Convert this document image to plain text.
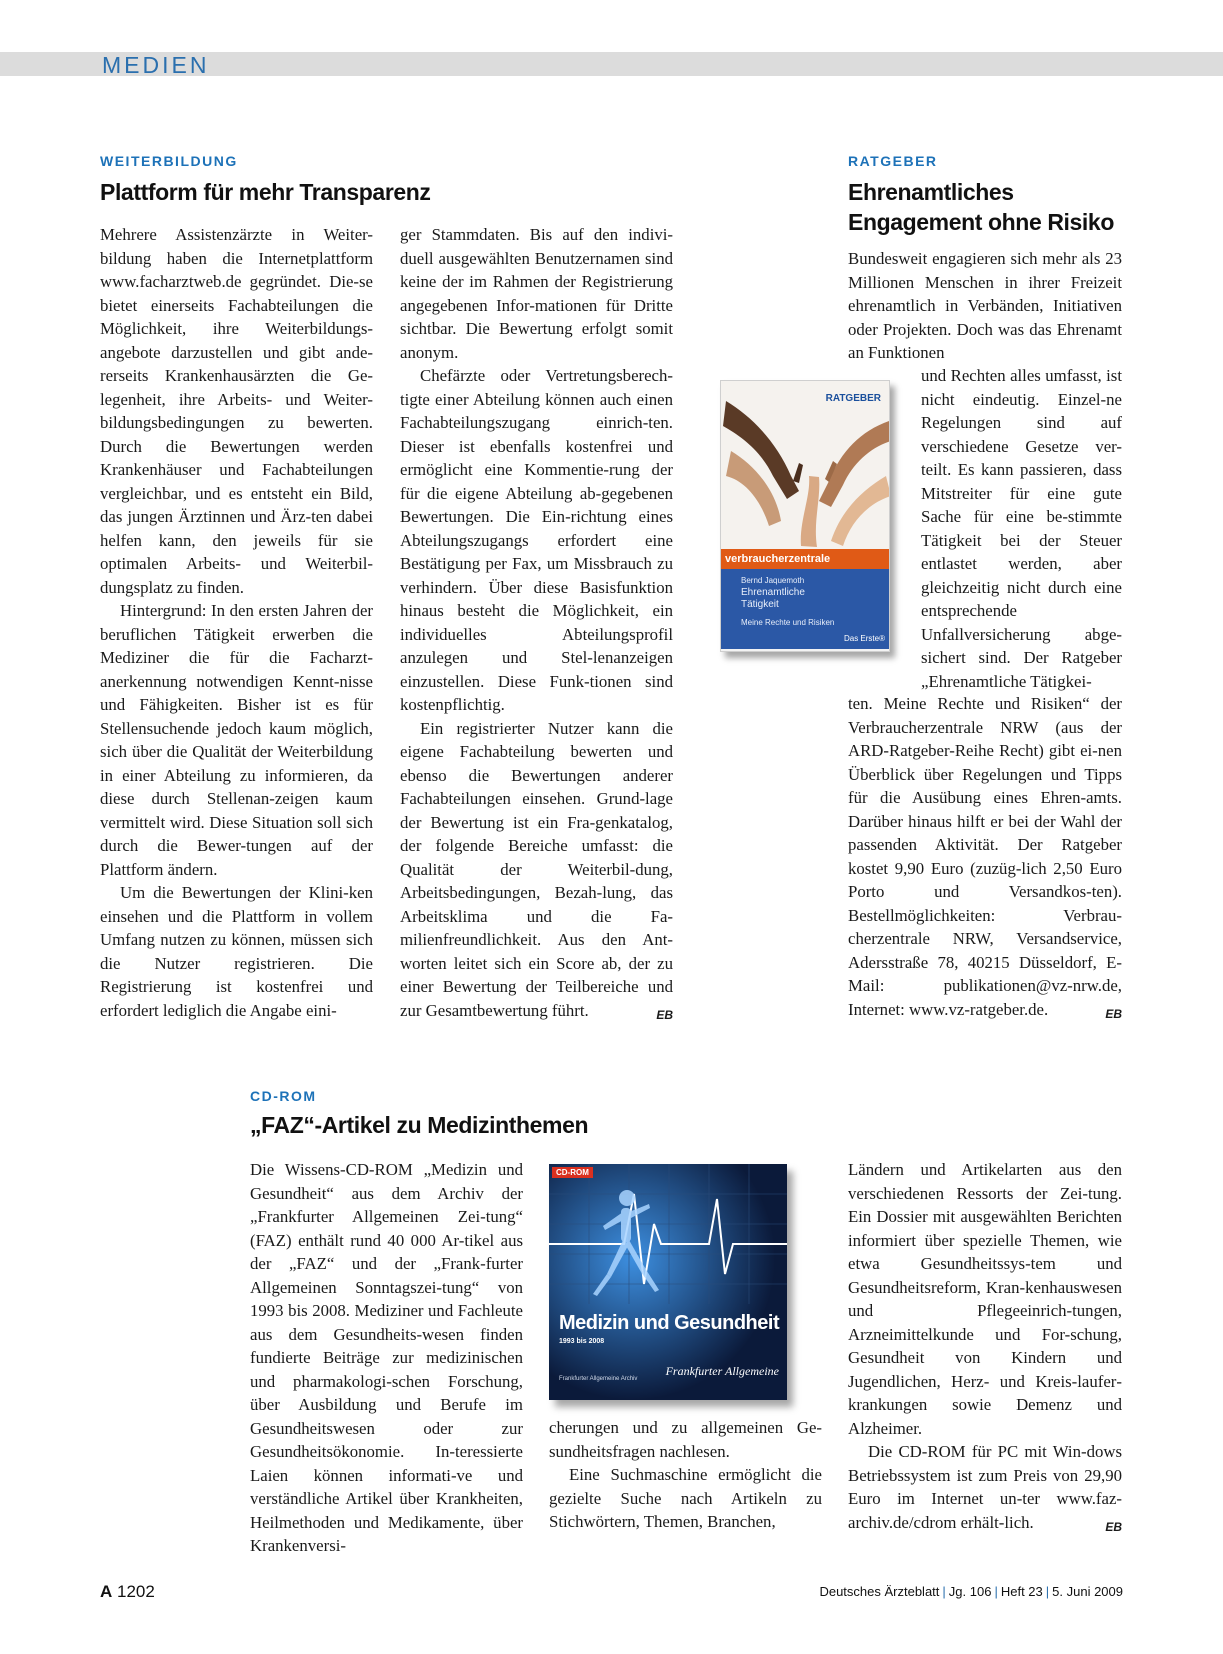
MEDIEN
WEITERBILDUNG
Plattform für mehr Transparenz

Mehrere Assistenzärzte in Weiter-bildung haben die Internetplattform www.facharztweb.de gegründet. Die-se bietet einerseits Fachabteilungen die Möglichkeit, ihre Weiterbildungs-angebote darzustellen und gibt ande-rerseits Krankenhausärzten die Ge-legenheit, ihre Arbeits- und Weiter-bildungsbedingungen zu bewerten. Durch die Bewertungen werden Krankenhäuser und Fachabteilungen vergleichbar, und es entsteht ein Bild, das jungen Ärztinnen und Ärz-ten dabei helfen kann, den jeweils für sie optimalen Arbeits- und Weiterbil-dungsplatz zu finden.

Hintergrund: In den ersten Jahren der beruflichen Tätigkeit erwerben die Mediziner die für die Facharzt-anerkennung notwendigen Kennt-nisse und Fähigkeiten. Bisher ist es für Stellensuchende jedoch kaum möglich, sich über die Qualität der Weiterbildung in einer Abteilung zu informieren, da diese durch Stellenan-zeigen kaum vermittelt wird. Diese Situation soll sich durch die Bewer-tungen auf der Plattform ändern.

Um die Bewertungen der Klini-ken einsehen und die Plattform in vollem Umfang nutzen zu können, müssen sich die Nutzer registrieren. Die Registrierung ist kostenfrei und erfordert lediglich die Angabe eini-

ger Stammdaten. Bis auf den indivi-duell ausgewählten Benutzernamen sind keine der im Rahmen der Registrierung angegebenen Infor-mationen für Dritte sichtbar. Die Bewertung erfolgt somit anonym.

Chefärzte oder Vertretungsberech-tigte einer Abteilung können auch einen Fachabteilungszugang einrich-ten. Dieser ist ebenfalls kostenfrei und ermöglicht eine Kommentie-rung der für die eigene Abteilung ab-gegebenen Bewertungen. Die Ein-richtung eines Abteilungszugangs erfordert eine Bestätigung per Fax, um Missbrauch zu verhindern. Über diese Basisfunktion hinaus besteht die Möglichkeit, ein individuelles Abteilungsprofil anzulegen und Stel-lenanzeigen einzustellen. Diese Funk-tionen sind kostenpflichtig.

Ein registrierter Nutzer kann die eigene Fachabteilung bewerten und ebenso die Bewertungen anderer Fachabteilungen einsehen. Grund-lage der Bewertung ist ein Fra-genkatalog, der folgende Bereiche umfasst: die Qualität der Weiterbil-dung, Arbeitsbedingungen, Bezah-lung, das Arbeitsklima und die Fa-milienfreundlichkeit. Aus den Ant-worten leitet sich ein Score ab, der zu einer Bewertung der Teilbereiche und zur Gesamtbewertung führt.	EB

RATGEBER
Ehrenamtliches
Engagement ohne Risiko

Bundesweit engagieren sich mehr als 23 Millionen Menschen in ihrer Freizeit ehrenamtlich in Verbänden, Initiativen oder Projekten. Doch was das Ehrenamt an Funktionen

und Rechten alles umfasst, ist nicht eindeutig. Einzel-ne Regelungen sind auf verschiedene Gesetze ver-teilt. Es kann passieren, dass Mitstreiter für eine gute Sache für eine be-stimmte Tätigkeit bei der Steuer entlastet werden, aber gleichzeitig nicht durch eine entsprechende Unfallversicherung abge-sichert sind. Der Ratgeber „Ehrenamtliche Tätigkei-

ten. Meine Rechte und Risiken“ der Verbraucherzentrale NRW (aus der ARD-Ratgeber-Reihe Recht) gibt ei-nen Überblick über Regelungen und Tipps für die Ausübung eines Ehren-amts. Darüber hinaus hilft er bei der Wahl der passenden Aktivität. Der Ratgeber kostet 9,90 Euro (zuzüg-lich 2,50 Euro Porto und Versandkos-ten). Bestellmöglichkeiten: Verbrau-cherzentrale NRW, Versandservice, Adersstraße 78, 40215 Düsseldorf, E-Mail: publikationen@vz-nrw.de, Internet: www.vz-ratgeber.de.	EB

RATGEBER
verbraucherzentrale
Bernd Jaquemoth
Ehrenamtliche
Tätigkeit
Meine Rechte und Risiken
Das Erste®
CD-ROM
„FAZ“-Artikel zu Medizinthemen

Die Wissens-CD-ROM „Medizin und Gesundheit“ aus dem Archiv der „Frankfurter Allgemeinen Zei-tung“ (FAZ) enthält rund 40 000 Ar-tikel aus der „FAZ“ und der „Frank-furter Allgemeinen Sonntagszei-tung“ von 1993 bis 2008. Mediziner und Fachleute aus dem Gesundheits-wesen finden fundierte Beiträge zur medizinischen und pharmakologi-schen Forschung, über Ausbildung und Berufe im Gesundheitswesen oder zur Gesundheitsökonomie. In-teressierte Laien können informati-ve und verständliche Artikel über Krankheiten, Heilmethoden und Medikamente, über Krankenversi-

CD-ROM
Medizin und Gesundheit
1993 bis 2008
Frankfurter Allgemeine
Frankfurter Allgemeine Archiv

cherungen und zu allgemeinen Ge-sundheitsfragen nachlesen.

Eine Suchmaschine ermöglicht die gezielte Suche nach Artikeln zu Stichwörtern, Themen, Branchen,

Ländern und Artikelarten aus den verschiedenen Ressorts der Zei-tung. Ein Dossier mit ausgewählten Berichten informiert über spezielle Themen, wie etwa Gesundheitssys-tem und Gesundheitsreform, Kran-kenhauswesen und Pflegeeinrich-tungen, Arzneimittelkunde und For-schung, Gesundheit von Kindern und Jugendlichen, Herz- und Kreis-lauferkrankungen sowie Demenz und Alzheimer.

Die CD-ROM für PC mit Win-dows Betriebssystem ist zum Preis von 29,90 Euro im Internet un-ter www.faz-archiv.de/cdrom erhält-lich.	EB

A 1202	Deutsches Ärzteblatt | Jg. 106 | Heft 23 | 5. Juni 2009
